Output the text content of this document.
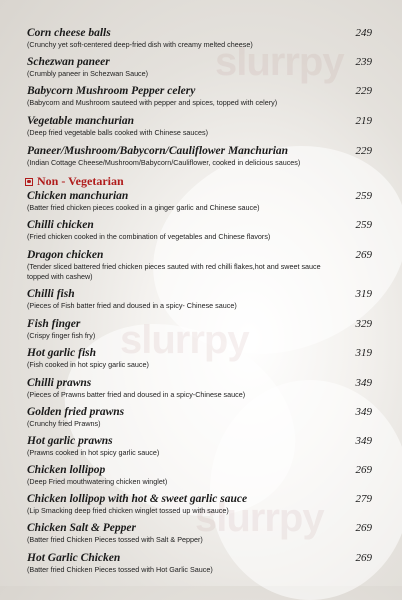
slurrpy
slurrpy
slurrpy
Non - Vegetarian
Corn cheese balls
(Crunchy yet soft-centered deep-fried dish with creamy melted cheese)
249
Schezwan paneer
(Crumbly paneer in Schezwan Sauce)
239
Babycorn Mushroom Pepper celery
(Babycorn and Mushroom sauteed with pepper and spices, topped with celery)
229
Vegetable manchurian
(Deep fried vegetable balls cooked with Chinese sauces)
219
Paneer/Mushroom/Babycorn/Cauliflower Manchurian
(Indian Cottage Cheese/Mushroom/Babycorn/Cauliflower, cooked in delicious sauces)
229
Chicken manchurian
(Batter fried chicken pieces cooked in a ginger garlic and Chinese sauce)
259
Chilli chicken
(Fried chicken cooked in the combination of vegetables and Chinese flavors)
259
Dragon chicken
(Tender sliced battered fried chicken pieces sauted with red chilli flakes,hot and sweet sauce topped with cashew)
269
Chilli fish
(Pieces of Fish batter fried and doused in a spicy- Chinese sauce)
319
Fish finger
(Crispy finger fish fry)
329
Hot garlic fish
(Fish cooked in hot spicy garlic sauce)
319
Chilli prawns
(Pieces of Prawns batter fried and doused in a spicy-Chinese sauce)
349
Golden fried prawns
(Crunchy fried Prawns)
349
Hot garlic prawns
(Prawns cooked in hot spicy garlic sauce)
349
Chicken lollipop
(Deep Fried mouthwatering chicken winglet)
269
Chicken lollipop with hot & sweet garlic sauce
(Lip Smacking deep fried chicken winglet tossed up with sauce)
279
Chicken Salt & Pepper
(Batter fried Chicken Pieces tossed with Salt & Pepper)
269
Hot Garlic Chicken
(Batter fried Chicken Pieces tossed with Hot Garlic Sauce)
269
